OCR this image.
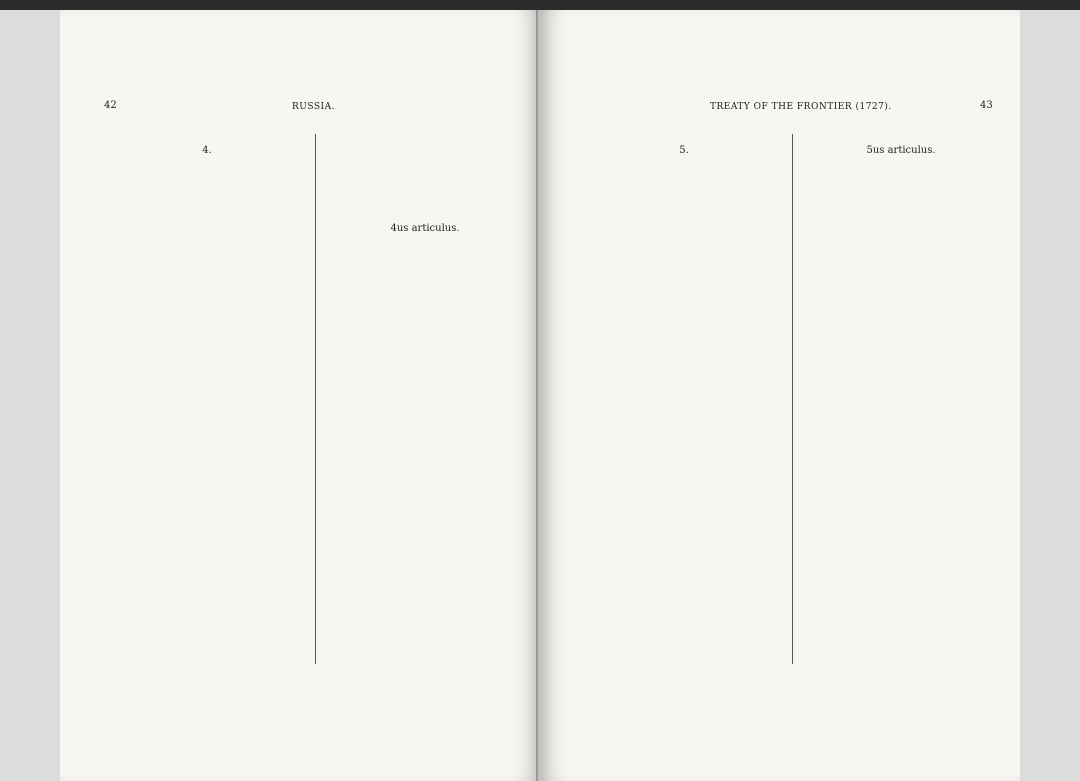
42	RUSSIA.

4.

4us articulus.

TREATY OF THE FRONTIER (1727).	43

5.	5us articulus.
